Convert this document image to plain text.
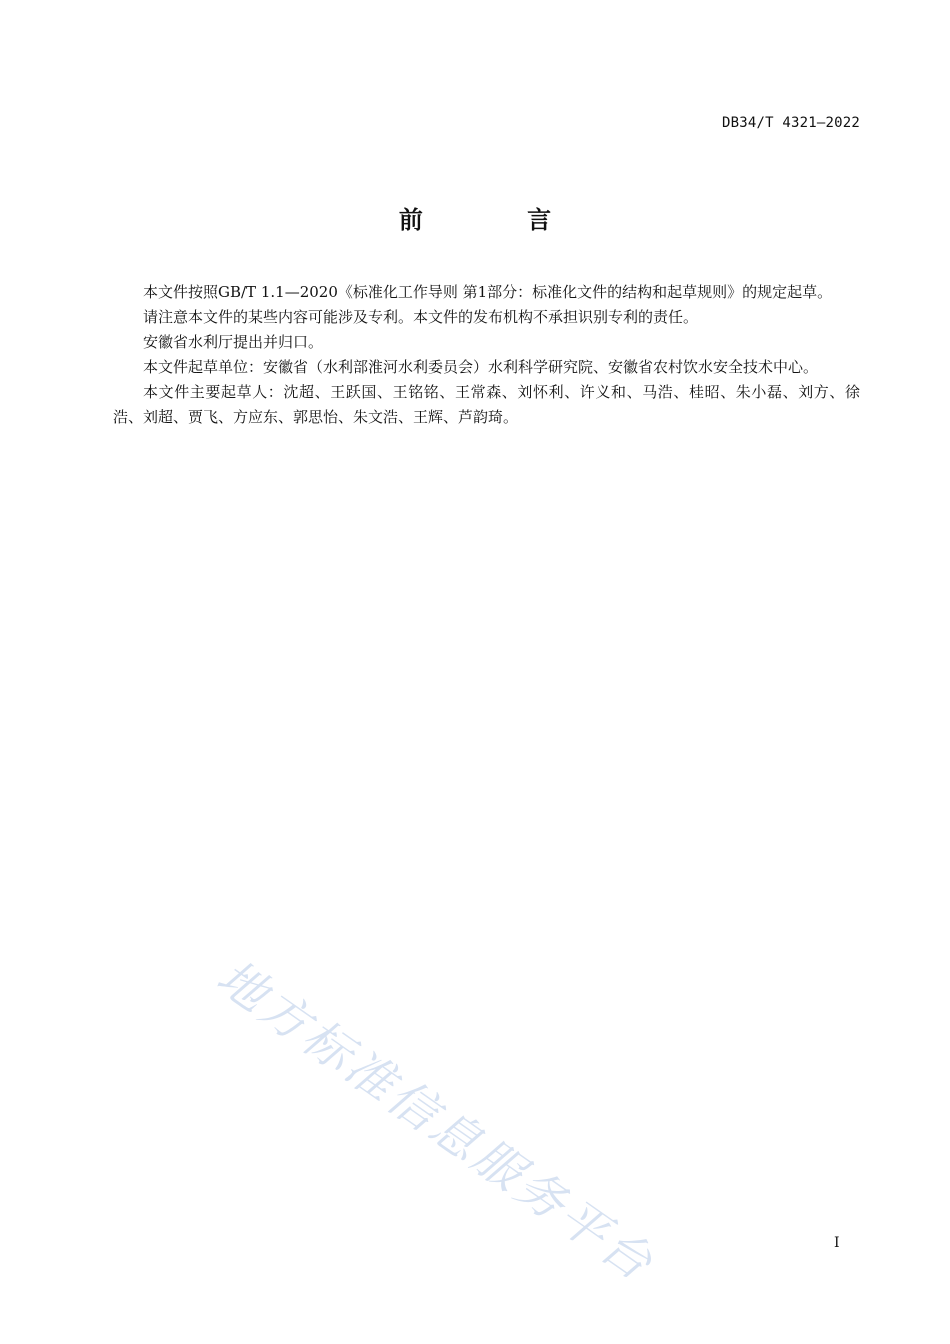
DB34/T 4321—2022
前 言

本文件按照GB/T 1.1—2020《标准化工作导则 第1部分：标准化文件的结构和起草规则》的规定起草。

请注意本文件的某些内容可能涉及专利。本文件的发布机构不承担识别专利的责任。

安徽省水利厅提出并归口。

本文件起草单位：安徽省（水利部淮河水利委员会）水利科学研究院、安徽省农村饮水安全技术中心。

本文件主要起草人：沈超、王跃国、王铭铭、王常森、刘怀利、许义和、马浩、桂昭、朱小磊、刘方、徐浩、刘超、贾飞、方应东、郭思怡、朱文浩、王辉、芦韵琦。

地方标准信息服务平台	I
